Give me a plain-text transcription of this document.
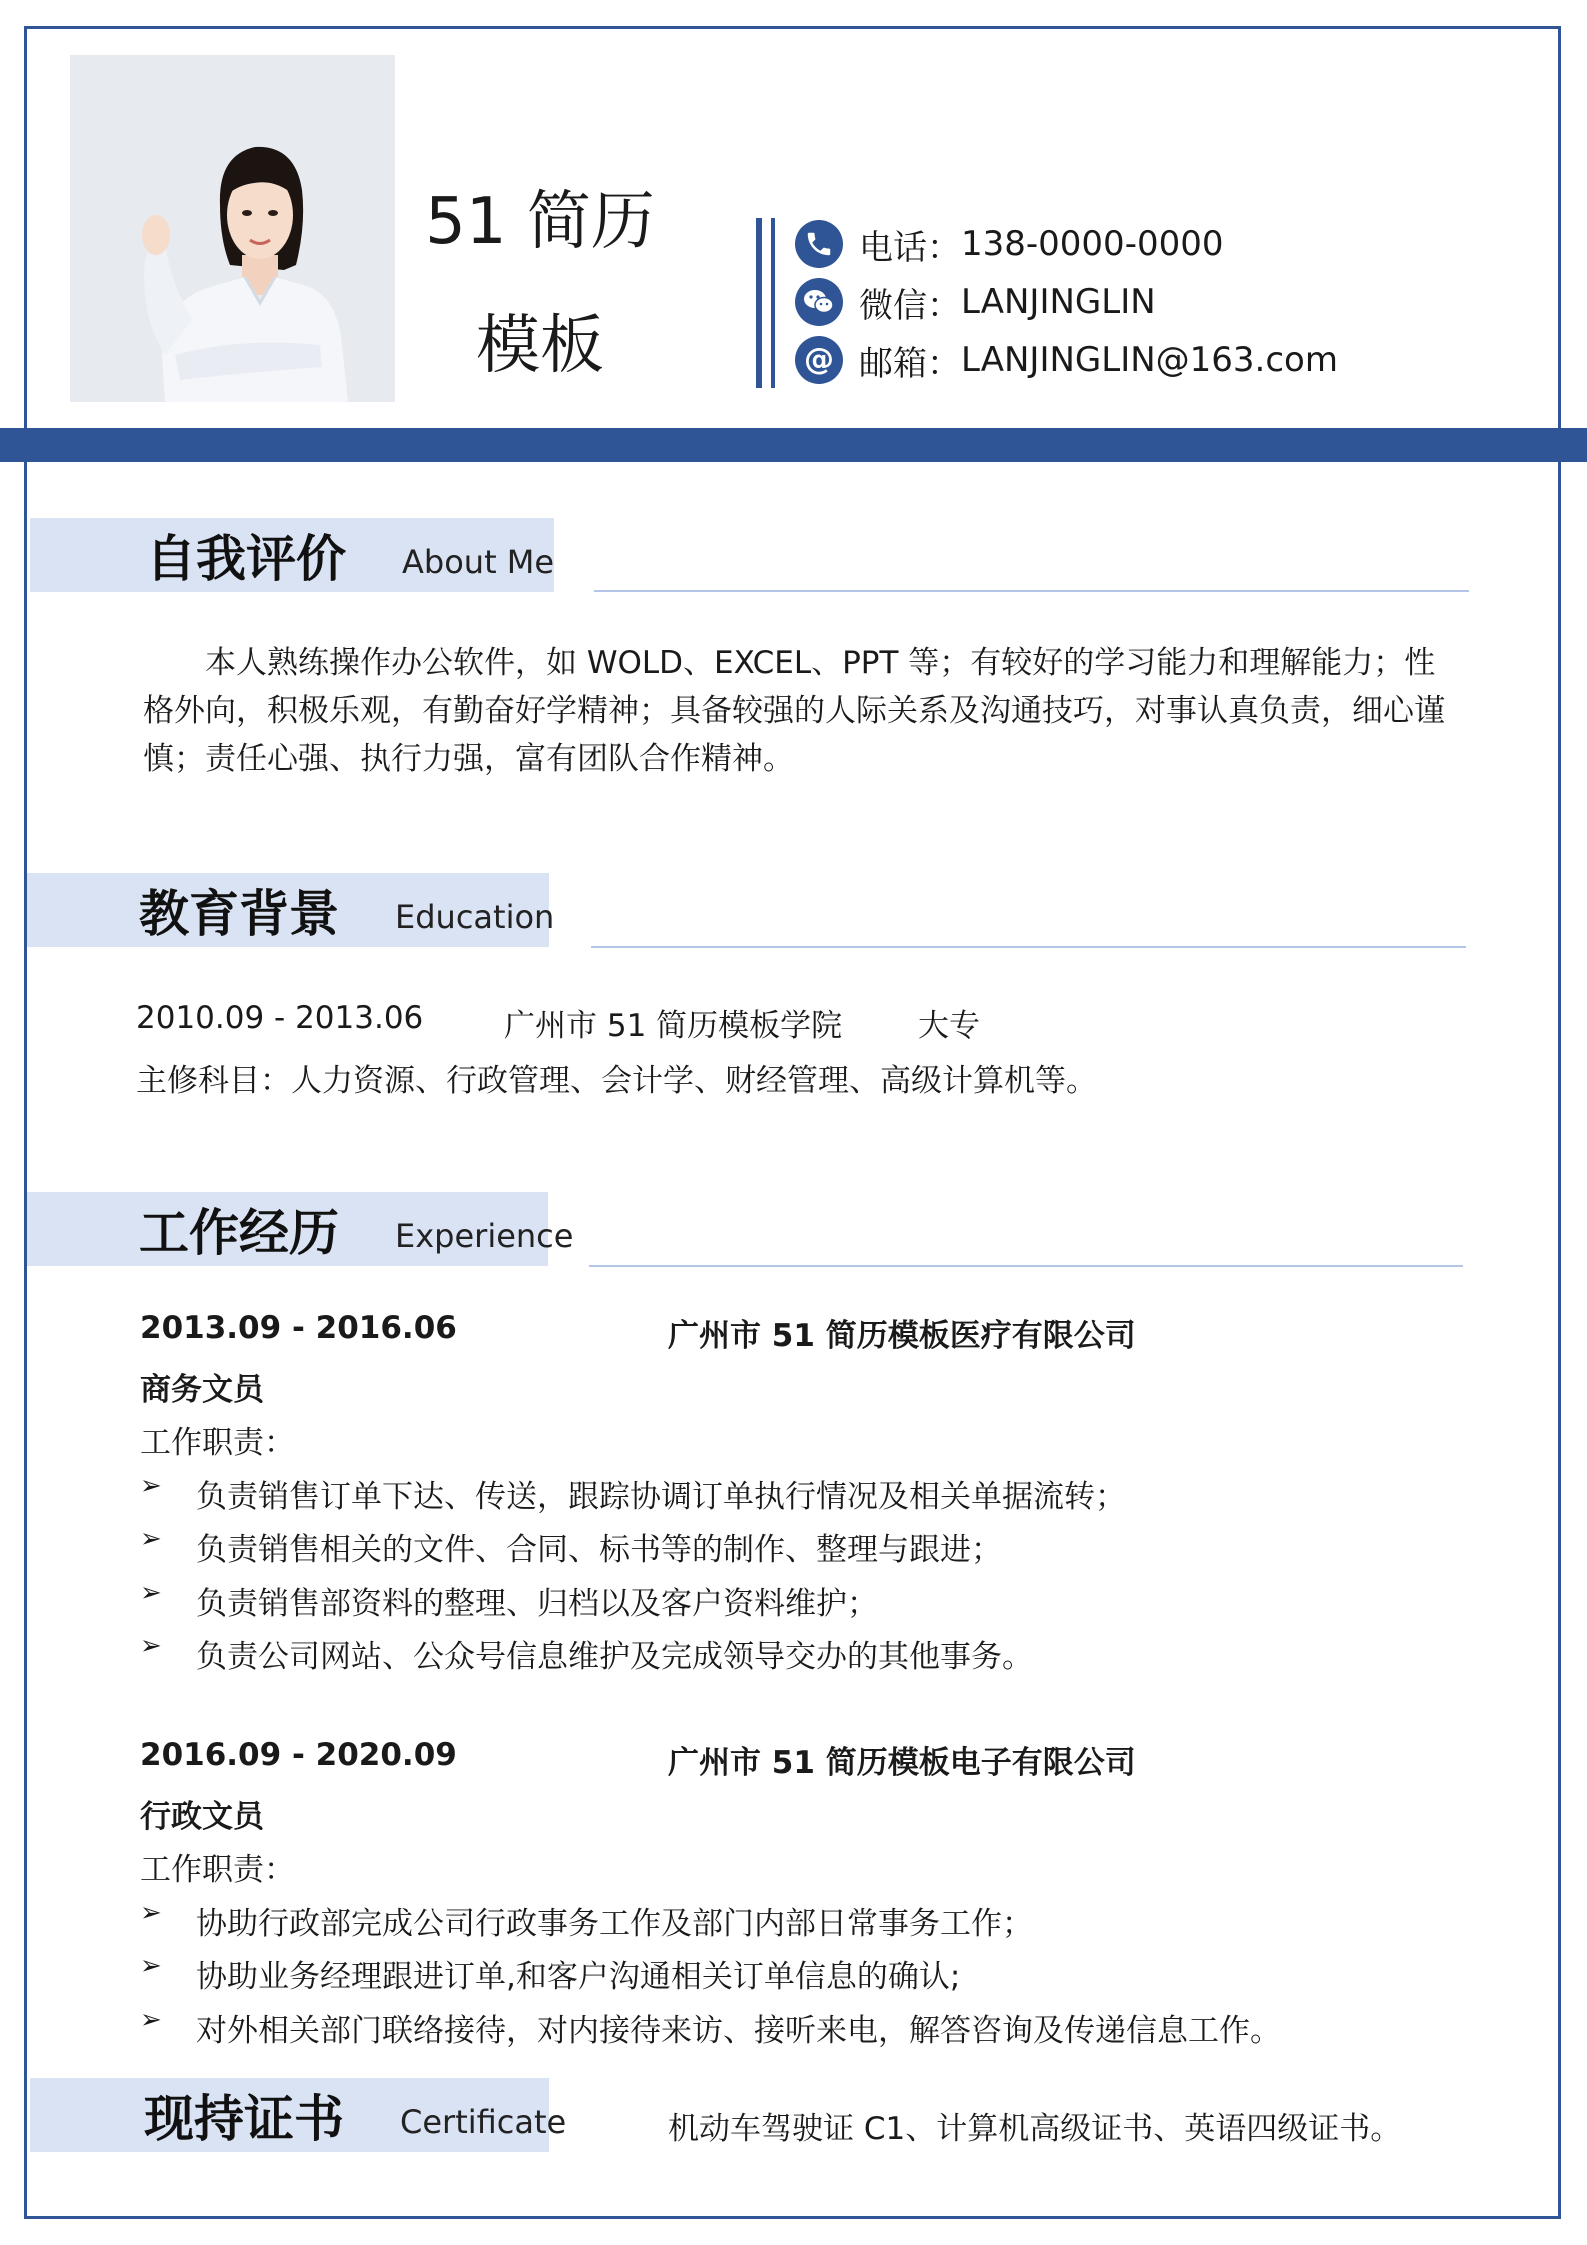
51 简历模板
电话： 138-0000-0000
微信： LANJINGLIN
@ 邮箱： LANJINGLIN@163.com
自我评价 About Me
本人熟练操作办公软件，如 WOLD、EXCEL、PPT 等；有较好的学习能力和理解能力；性格外向，积极乐观，有勤奋好学精神；具备较强的人际关系及沟通技巧，对事认真负责，细心谨慎；责任心强、执行力强，富有团队合作精神。
教育背景 Education
2010.09 - 2013.06	广州市 51 简历模板学院 大专
主修科目：人力资源、行政管理、会计学、财经管理、高级计算机等。
工作经历 Experience
2013.09 - 2016.06	广州市 51 简历模板医疗有限公司
商务文员
工作职责：
➢	负责销售订单下达、传送，跟踪协调订单执行情况及相关单据流转；
➢	负责销售相关的文件、合同、标书等的制作、整理与跟进；
➢	负责销售部资料的整理、归档以及客户资料维护；
➢	负责公司网站、公众号信息维护及完成领导交办的其他事务。
2016.09 - 2020.09	广州市 51 简历模板电子有限公司
行政文员
工作职责：
➢	协助行政部完成公司行政事务工作及部门内部日常事务工作；
➢	协助业务经理跟进订单,和客户沟通相关订单信息的确认;
➢	对外相关部门联络接待，对内接待来访、接听来电，解答咨询及传递信息工作。
现持证书 Certificate	机动车驾驶证 C1、计算机高级证书、英语四级证书。
